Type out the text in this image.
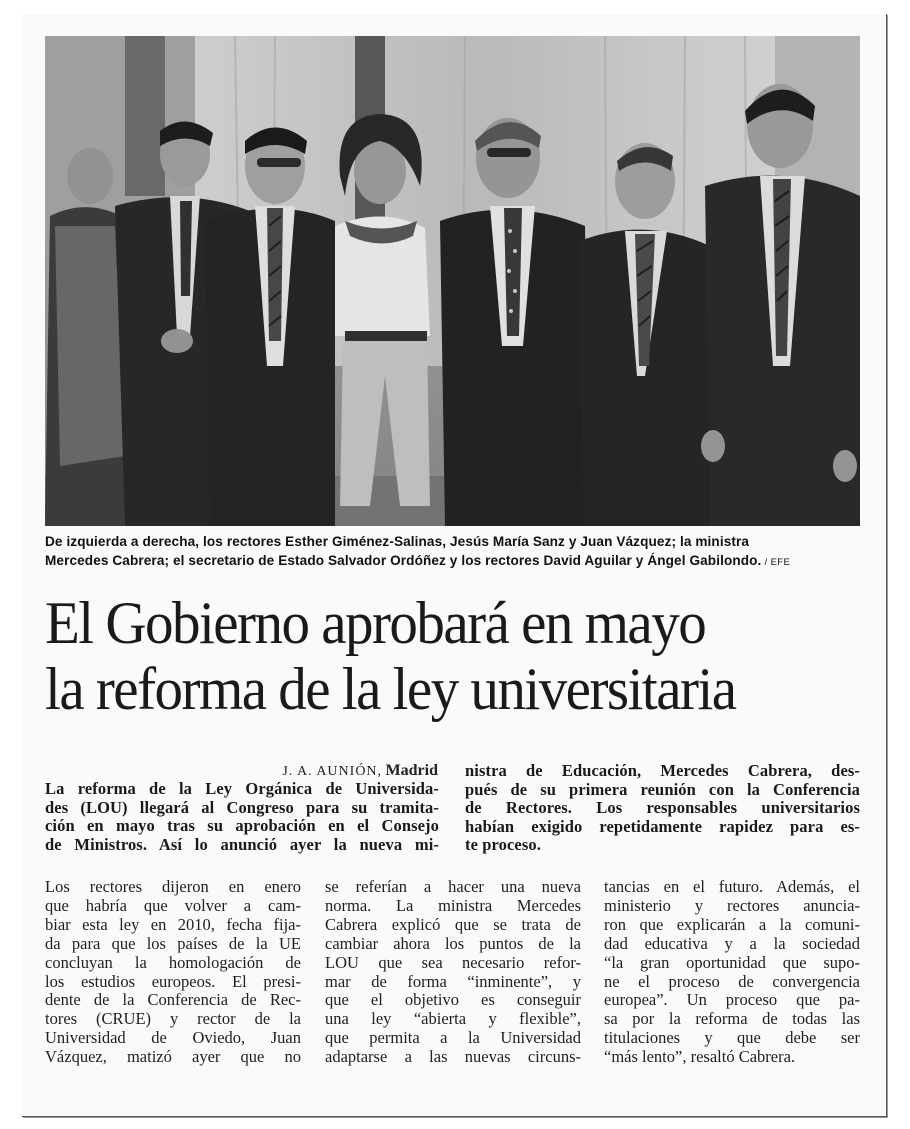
De izquierda a derecha, los rectores Esther Giménez-Salinas, Jesús María Sanz y Juan Vázquez; la ministra
Mercedes Cabrera; el secretario de Estado Salvador Ordóñez y los rectores David Aguilar y Ángel Gabilondo. / EFE
El Gobierno aprobará en mayo
la reforma de la ley universitaria
J. A. AUNIÓN, Madrid
La reforma de la Ley Orgánica de Universida-
des (LOU) llegará al Congreso para su tramita-
ción en mayo tras su aprobación en el Consejo
de Ministros. Así lo anunció ayer la nueva mi-
nistra de Educación, Mercedes Cabrera, des-
pués de su primera reunión con la Conferencia
de Rectores. Los responsables universitarios
habían exigido repetidamente rapidez para es-
te proceso.
Los rectores dijeron en enero
que habría que volver a cam-
biar esta ley en 2010, fecha fija-
da para que los países de la UE
concluyan la homologación de
los estudios europeos. El presi-
dente de la Conferencia de Rec-
tores (CRUE) y rector de la
Universidad de Oviedo, Juan
Vázquez, matizó ayer que no
se referían a hacer una nueva
norma. La ministra Mercedes
Cabrera explicó que se trata de
cambiar ahora los puntos de la
LOU que sea necesario refor-
mar de forma “inminente”, y
que el objetivo es conseguir
una ley “abierta y flexible”,
que permita a la Universidad
adaptarse a las nuevas circuns-
tancias en el futuro. Además, el
ministerio y rectores anuncia-
ron que explicarán a la comuni-
dad educativa y a la sociedad
“la gran oportunidad que supo-
ne el proceso de convergencia
europea”. Un proceso que pa-
sa por la reforma de todas las
titulaciones y que debe ser
“más lento”, resaltó Cabrera.
